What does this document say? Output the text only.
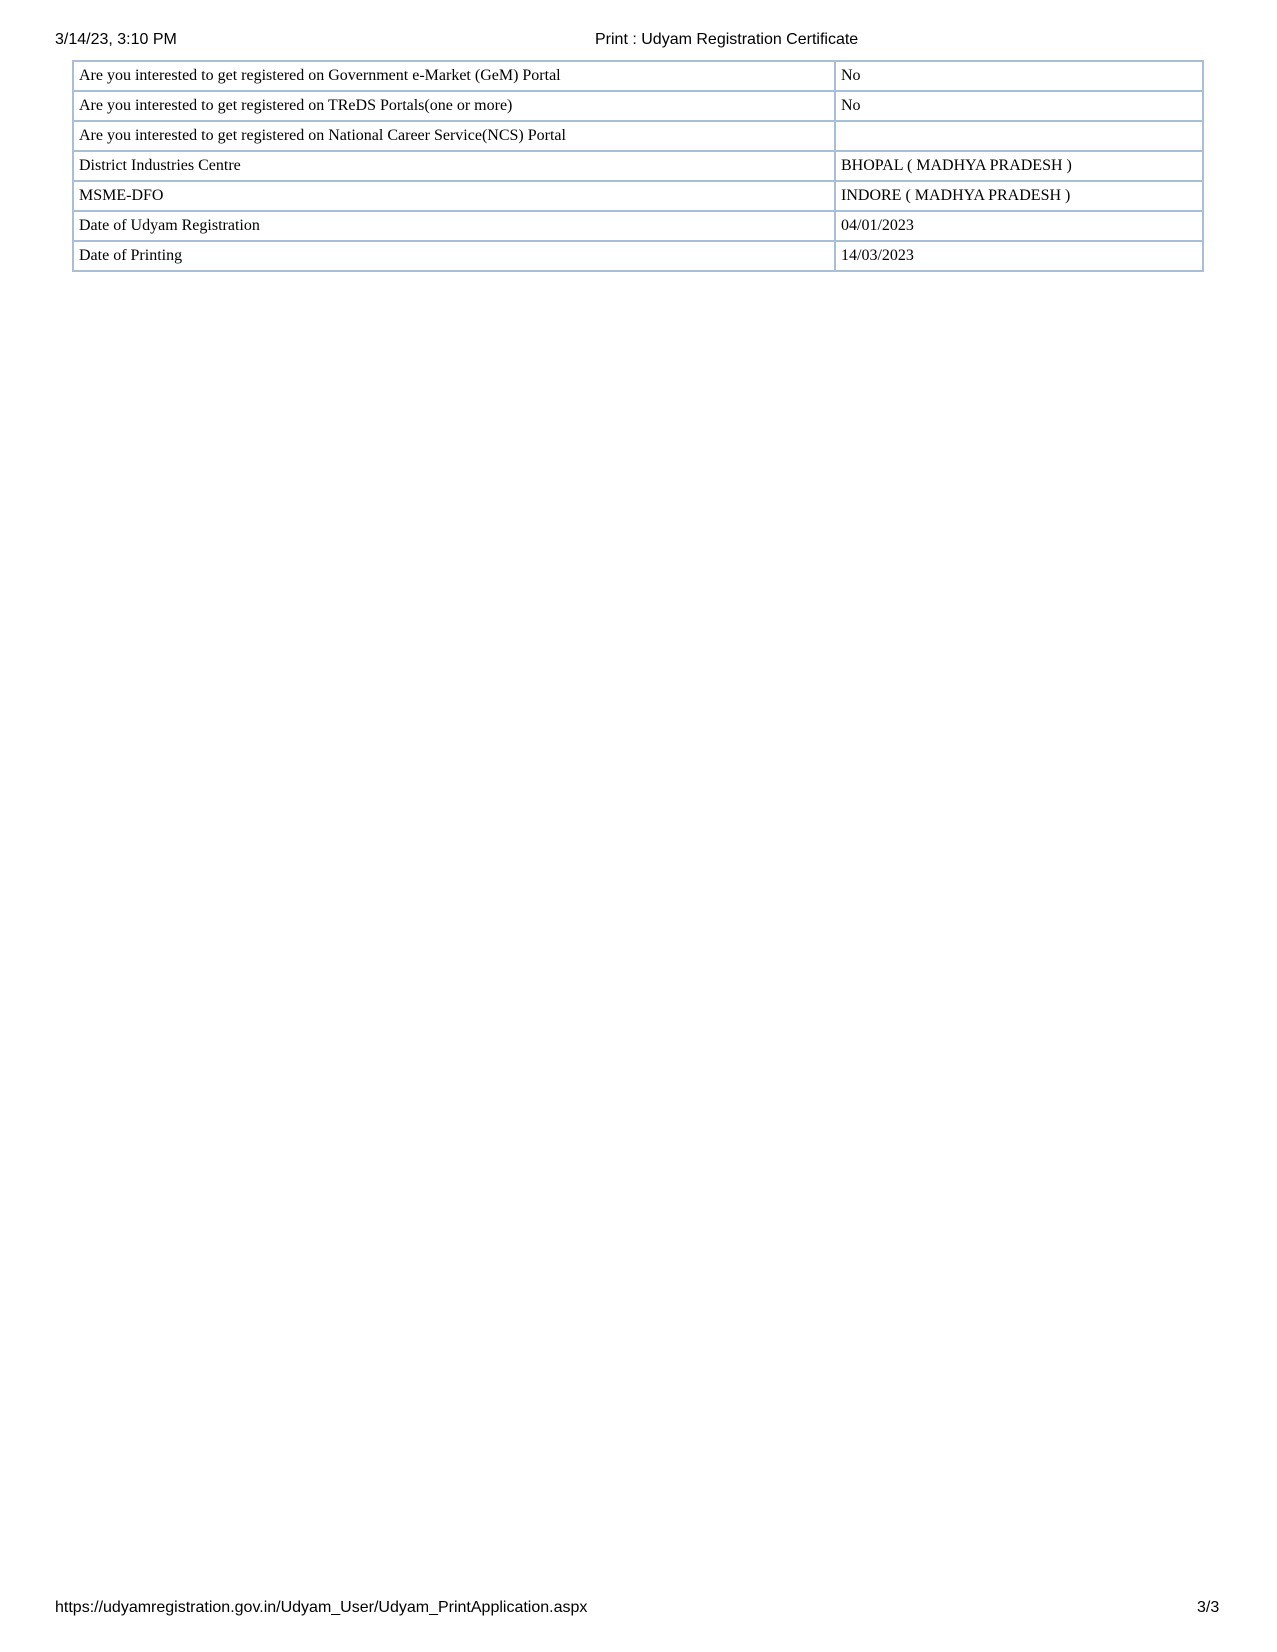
3/14/23, 3:10 PM	Print : Udyam Registration Certificate
Are you interested to get registered on Government e-Market (GeM) Portal	No
Are you interested to get registered on TReDS Portals(one or more)	No
Are you interested to get registered on National Career Service(NCS) Portal	
District Industries Centre	BHOPAL ( MADHYA PRADESH )
MSME-DFO	INDORE ( MADHYA PRADESH )
Date of Udyam Registration	04/01/2023
Date of Printing	14/03/2023
https://udyamregistration.gov.in/Udyam_User/Udyam_PrintApplication.aspx	3/3
